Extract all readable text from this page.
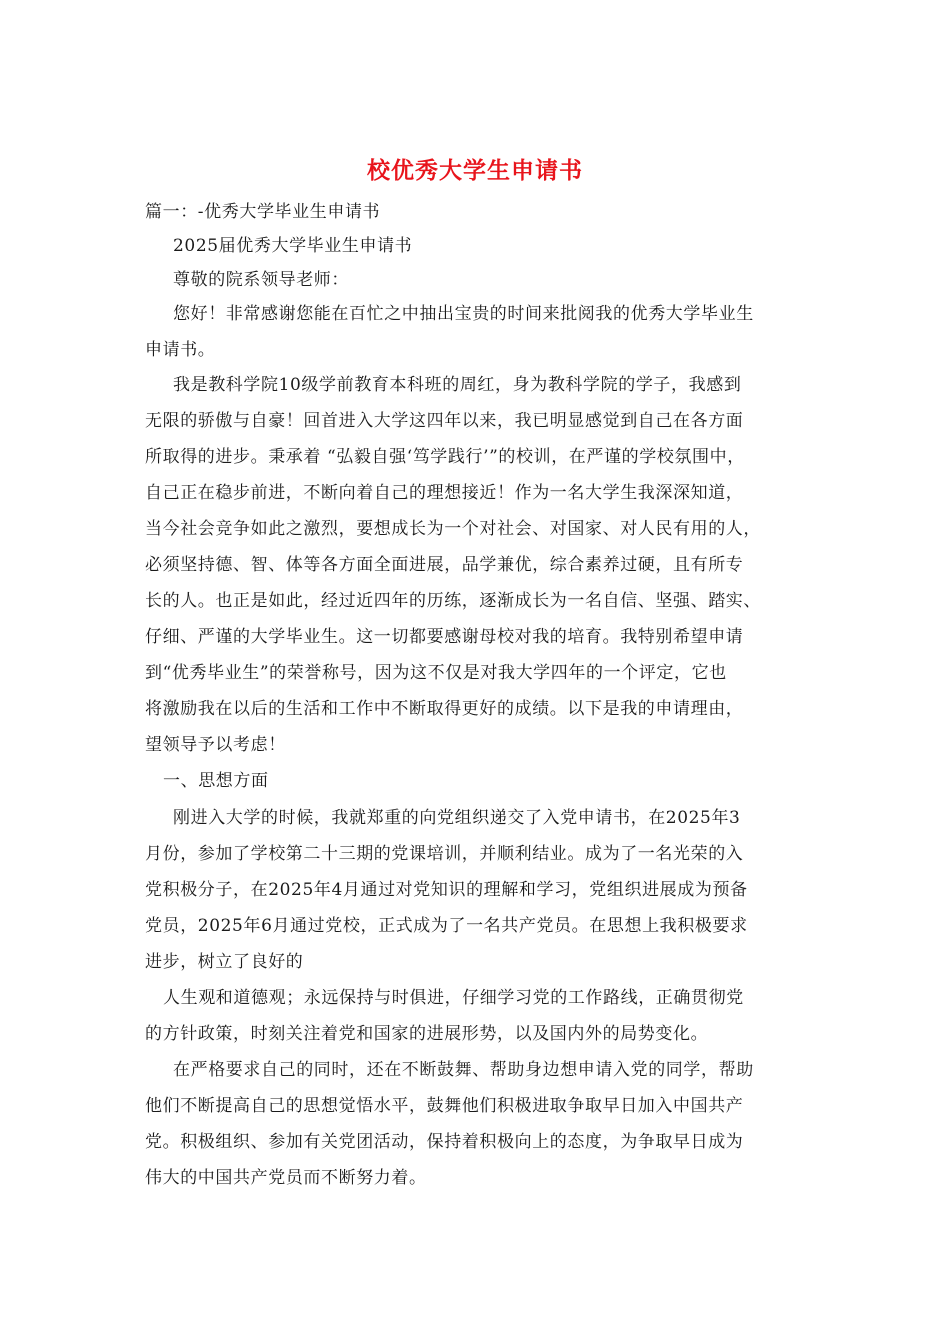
校优秀大学生申请书
篇一：-优秀大学毕业生申请书
2025届优秀大学毕业生申请书
尊敬的院系领导老师：
您好！非常感谢您能在百忙之中抽出宝贵的时间来批阅我的优秀大学毕业生
申请书。
我是教科学院10级学前教育本科班的周红，身为教科学院的学子，我感到
无限的骄傲与自豪！回首进入大学这四年以来，我已明显感觉到自己在各方面
所取得的进步。秉承着 “弘毅自强‘笃学践行’”的校训，在严谨的学校氛围中，
自己正在稳步前进，不断向着自己的理想接近！作为一名大学生我深深知道，
当今社会竞争如此之激烈，要想成长为一个对社会、对国家、对人民有用的人，
必须坚持德、智、体等各方面全面进展，品学兼优，综合素养过硬，且有所专
长的人。也正是如此，经过近四年的历练，逐渐成长为一名自信、坚强、踏实、
仔细、严谨的大学毕业生。这一切都要感谢母校对我的培育。我特别希望申请
到“优秀毕业生”的荣誉称号，因为这不仅是对我大学四年的一个评定，它也
将激励我在以后的生活和工作中不断取得更好的成绩。以下是我的申请理由，
望领导予以考虑！
一、思想方面
刚进入大学的时候，我就郑重的向党组织递交了入党申请书，在2025年3
月份，参加了学校第二十三期的党课培训，并顺利结业。成为了一名光荣的入
党积极分子，在2025年4月通过对党知识的理解和学习，党组织进展成为预备
党员，2025年6月通过党校，正式成为了一名共产党员。在思想上我积极要求
进步，树立了良好的
人生观和道德观；永远保持与时俱进，仔细学习党的工作路线，正确贯彻党
的方针政策，时刻关注着党和国家的进展形势，以及国内外的局势变化。
在严格要求自己的同时，还在不断鼓舞、帮助身边想申请入党的同学，帮助
他们不断提高自己的思想觉悟水平，鼓舞他们积极进取争取早日加入中国共产
党。积极组织、参加有关党团活动，保持着积极向上的态度，为争取早日成为
伟大的中国共产党员而不断努力着。
